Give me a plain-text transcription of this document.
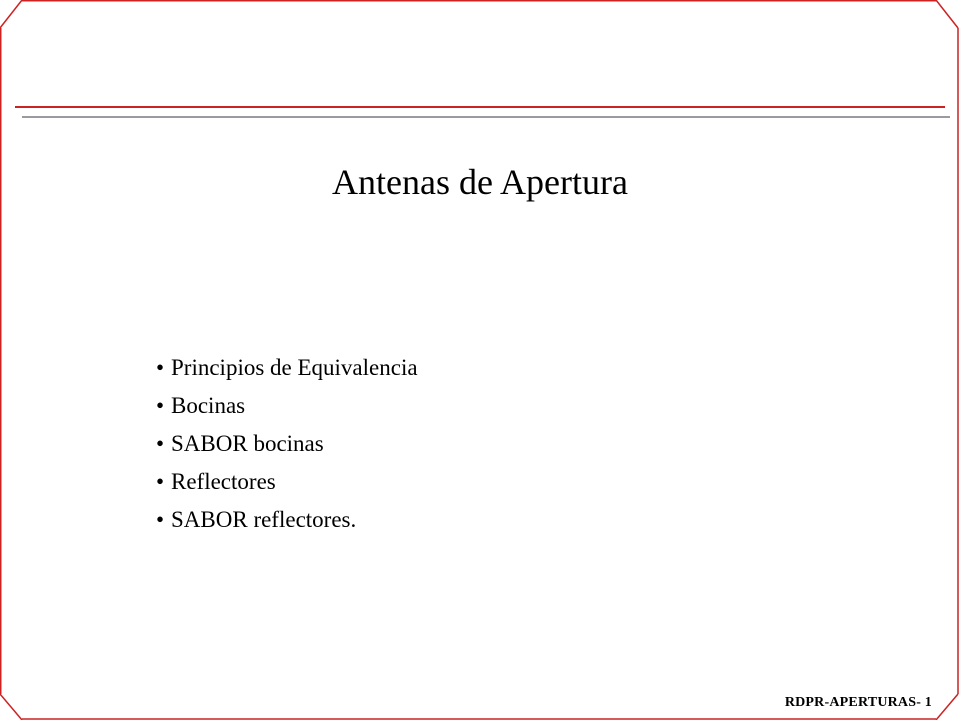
Antenas de Apertura
• Principios de Equivalencia
• Bocinas
• SABOR bocinas
• Reflectores
• SABOR reflectores.
RDPR-APERTURAS- 1
